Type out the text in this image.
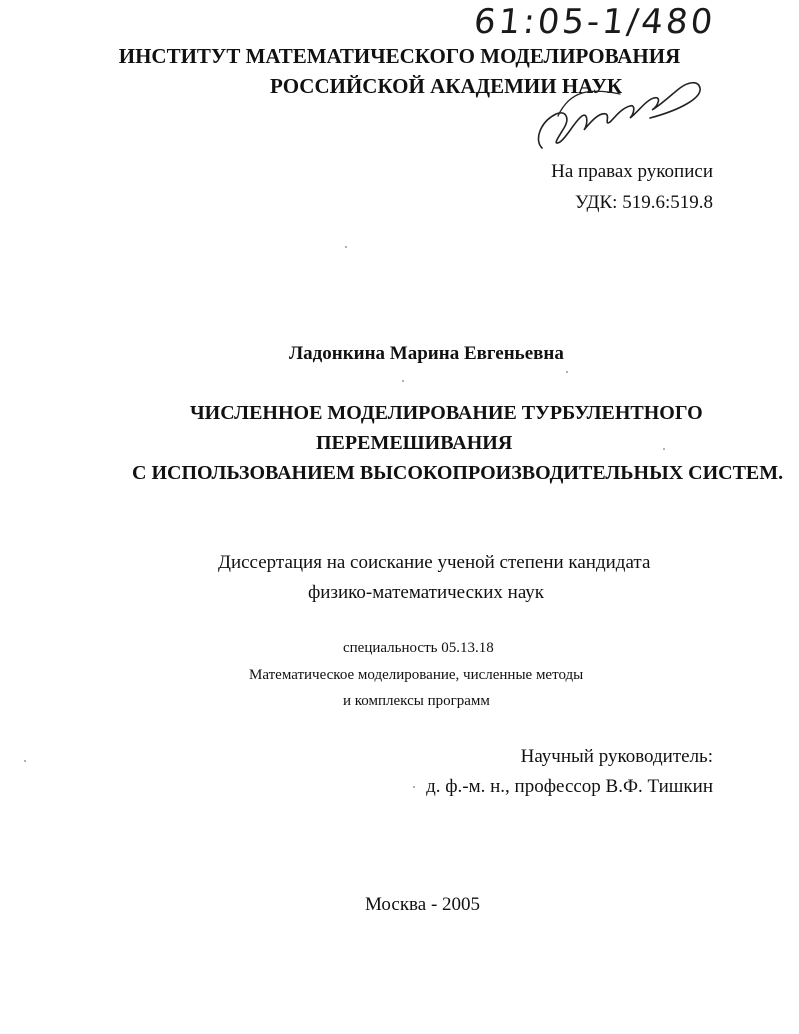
61:05-1/480
ИНСТИТУТ МАТЕМАТИЧЕСКОГО МОДЕЛИРОВАНИЯ
РОССИЙСКОЙ АКАДЕМИИ НАУК
На правах рукописи
УДК: 519.6:519.8
Ладонкина Марина Евгеньевна
ЧИСЛЕННОЕ МОДЕЛИРОВАНИЕ ТУРБУЛЕНТНОГО
ПЕРЕМЕШИВАНИЯ
С ИСПОЛЬЗОВАНИЕМ ВЫСОКОПРОИЗВОДИТЕЛЬНЫХ СИСТЕМ.
Диссертация на соискание ученой степени кандидата
физико-математических наук
специальность 05.13.18
Математическое моделирование, численные методы
и комплексы программ
Научный руководитель:
д. ф.-м. н., профессор В.Ф. Тишкин
Москва - 2005
